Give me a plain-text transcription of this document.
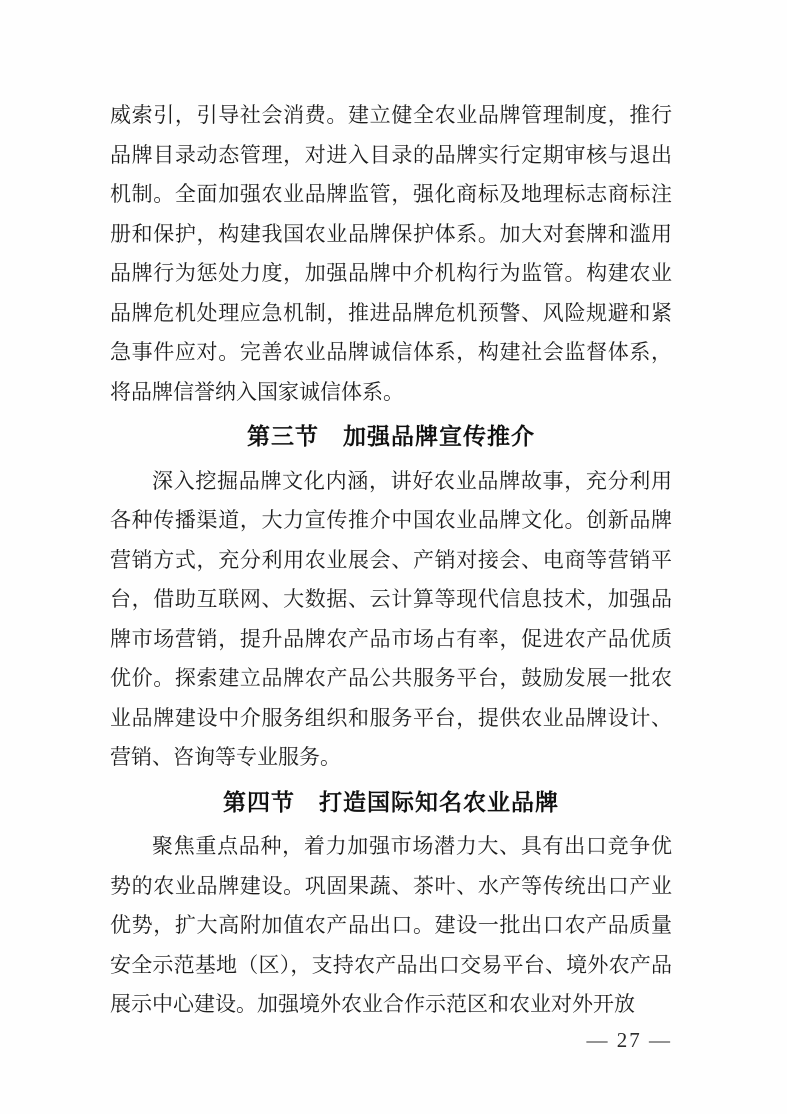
威索引，引导社会消费。建立健全农业品牌管理制度，推行品牌目录动态管理，对进入目录的品牌实行定期审核与退出机制。全面加强农业品牌监管，强化商标及地理标志商标注册和保护，构建我国农业品牌保护体系。加大对套牌和滥用品牌行为惩处力度，加强品牌中介机构行为监管。构建农业品牌危机处理应急机制，推进品牌危机预警、风险规避和紧急事件应对。完善农业品牌诚信体系，构建社会监督体系，将品牌信誉纳入国家诚信体系。

第三节　加强品牌宣传推介

深入挖掘品牌文化内涵，讲好农业品牌故事，充分利用各种传播渠道，大力宣传推介中国农业品牌文化。创新品牌营销方式，充分利用农业展会、产销对接会、电商等营销平台，借助互联网、大数据、云计算等现代信息技术，加强品牌市场营销，提升品牌农产品市场占有率，促进农产品优质优价。探索建立品牌农产品公共服务平台，鼓励发展一批农业品牌建设中介服务组织和服务平台，提供农业品牌设计、营销、咨询等专业服务。

第四节　打造国际知名农业品牌

聚焦重点品种，着力加强市场潜力大、具有出口竞争优势的农业品牌建设。巩固果蔬、茶叶、水产等传统出口产业优势，扩大高附加值农产品出口。建设一批出口农产品质量安全示范基地（区），支持农产品出口交易平台、境外农产品展示中心建设。加强境外农业合作示范区和农业对外开放

— 27 —
